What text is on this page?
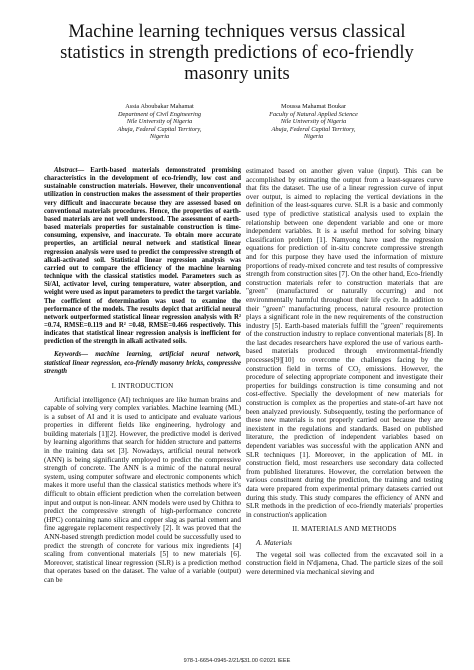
Machine learning techniques versus classical
statistics in strength predictions of eco-friendly
masonry units
Assia Aboubakar Mahamat
Department of Civil Engineering
Nile University of Nigeria
Abuja, Federal Capital Territory,
Nigeria
Moussa Mahamat Boukar
Faculty of Natural Applied Science
Nile University of Nigeria
Abuja, Federal Capital Territory,
Nigeria

Abstract— Earth-based materials demonstrated promising characteristics in the development of eco-friendly, low cost and sustainable construction materials. However, their unconventional utilization in construction makes the assessment of their properties very difficult and inaccurate because they are assessed based on conventional materials procedures. Hence, the properties of earth-based materials are not well understood. The assessment of earth-based materials properties for sustainable construction is time-consuming, expensive, and inaccurate. To obtain more accurate properties, an artificial neural network and statistical linear regression analysis were used to predict the compressive strength of alkali-activated soil. Statistical linear regression analysis was carried out to compare the efficiency of the machine learning technique with the classical statistics model. Parameters such as Si/Al, activator level, curing temperature, water absorption, and weight were used as input parameters to predict the target variable. The coefficient of determination was used to examine the performance of the models. The results depict that artificial neural network outperformed statistical linear regression analysis with R² =0.74, RMSE=0.119 and R² =0.48, RMSE=0.466 respectively. This indicates that statistical linear regression analysis is inefficient for prediction of the strength in alkali activated soils.

Keywords— machine learning, artificial neural network, statistical linear regression, eco-friendly masonry bricks, compressive strength

I. INTRODUCTION

Artificial intelligence (AI) techniques are like human brains and capable of solving very complex variables. Machine learning (ML) is a subset of AI and it is used to anticipate and evaluate various properties in different fields like engineering, hydrology and building materials [1][2]. However, the predictive model is derived by learning algorithms that search for hidden structure and patterns in the training data set [3]. Nowadays, artificial neural network (ANN) is being significantly employed to predict the compressive strength of concrete. The ANN is a mimic of the natural neural system, using computer software and electronic components which makes it more useful than the classical statistics methods where it's difficult to obtain efficient prediction when the correlation between input and output is non-linear. ANN models were used by Chithra to predict the compressive strength of high-performance concrete (HPC) containing nano silica and copper slag as partial cement and fine aggregate replacement respectively [2]. It was proved that the ANN-based strength prediction model could be successfully used to predict the strength of concrete for various mix ingredients [4] scaling from conventional materials [5] to new materials [6]. Moreover, statistical linear regression (SLR) is a prediction method that operates based on the dataset. The value of a variable (output) can be

estimated based on another given value (input). This can be accomplished by estimating the output from a least-squares curve that fits the dataset. The use of a linear regression curve of input over output, is aimed to replacing the vertical deviations in the definition of the least-squares curve. SLR is a basic and commonly used type of predictive statistical analysis used to explain the relationship between one dependent variable and one or more independent variables. It is a useful method for solving binary classification problem [1]. Namyong have used the regression equations for prediction of in-situ concrete compressive strength and for this purpose they have used the information of mixture proportions of ready-mixed concrete and test results of compressive strength from construction sites [7]. On the other hand, Eco-friendly construction materials refer to construction materials that are "green" (manufactured or naturally occurring) and not environmentally harmful throughout their life cycle. In addition to their "green" manufacturing process, natural resource protection plays a significant role in the new requirements of the construction industry [5]. Earth-based materials fulfill the "green" requirements of the construction industry to replace conventional materials [8]. In the last decades researchers have explored the use of various earth-based materials produced through environmental-friendly processes[9][10] to overcome the challenges facing by the construction field in terms of CO₂ emissions. However, the procedure of selecting appropriate component and investigate their properties for buildings construction is time consuming and not cost-effective. Specially the development of new materials for construction is complex as the properties and state-of-art have not been analyzed previously. Subsequently, testing the performance of these new materials is not properly carried out because they are inexistent in the regulations and standards. Based on published literature, the prediction of independent variables based on dependent variables was successful with the application ANN and SLR techniques [1]. Moreover, in the application of ML in construction field, most researchers use secondary data collected from published literatures. However, the correlation between the various constituent during the prediction, the training and testing data were prepared from experimental primary datasets carried out during this study. This study compares the efficiency of ANN and SLR methods in the prediction of eco-friendly materials' properties in construction's application

II. MATERIALS AND METHODS
A. Materials

The vegetal soil was collected from the excavated soil in a construction field in N'djamena, Chad. The particle sizes of the soil were determined via mechanical sieving and

978-1-6654-0945-2/21/$31.00 ©2021 IEEE
